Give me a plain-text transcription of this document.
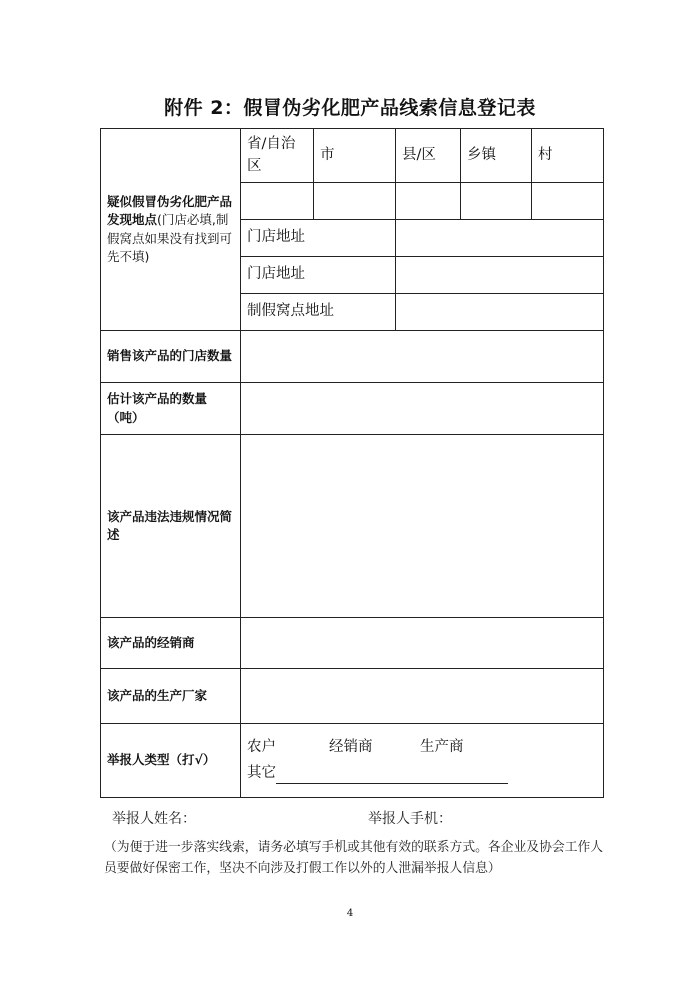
附件 2：假冒伪劣化肥产品线索信息登记表
疑似假冒伪劣化肥产品发现地点(门店必填,制假窝点如果没有找到可先不填)	省/自治区	市	县/区	乡镇	村

	门店地址				
	门店地址				
	制假窝点地址				
销售该产品的门店数量					
估计该产品的数量（吨）					
该产品违法违规情况简述					
该产品的经销商					
该产品的生产厂家					
举报人类型（打√）	农户 经销商 生产商
其它				
举报人姓名：	举报人手机：
（为便于进一步落实线索，请务必填写手机或其他有效的联系方式。各企业及协会工作人员要做好保密工作，坚决不向涉及打假工作以外的人泄漏举报人信息）
4
